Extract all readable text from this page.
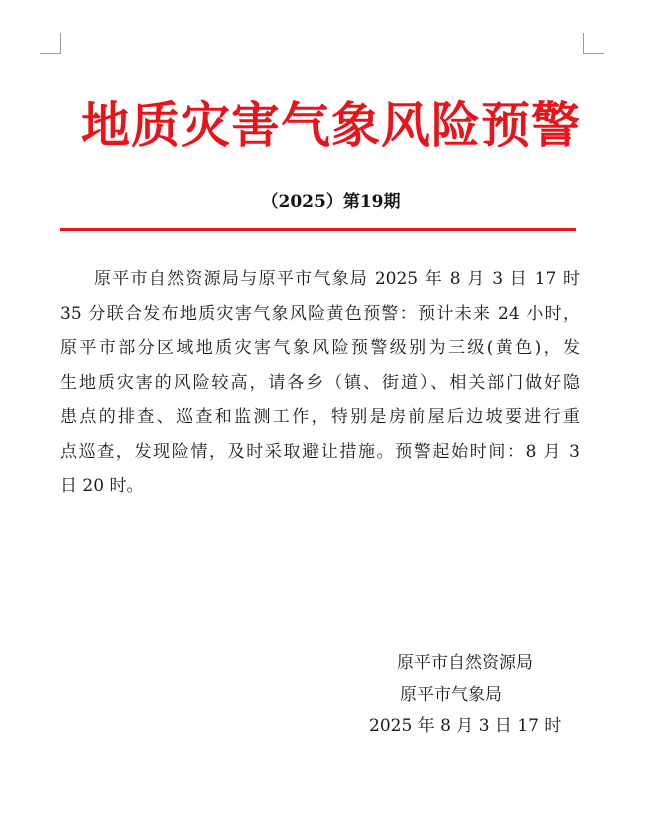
地质灾害气象风险预警
（2025）第19期
原平市自然资源局与原平市气象局 2025 年 8 月 3 日 17 时
35 分联合发布地质灾害气象风险黄色预警：预计未来 24 小时，
原平市部分区域地质灾害气象风险预警级别为三级(黄色)，发
生地质灾害的风险较高，请各乡（镇、街道）、相关部门做好隐
患点的排查、巡查和监测工作，特别是房前屋后边坡要进行重
点巡查，发现险情，及时采取避让措施。预警起始时间：8 月 3
日 20 时。
原平市自然资源局
原平市气象局
2025 年 8 月 3 日 17 时
